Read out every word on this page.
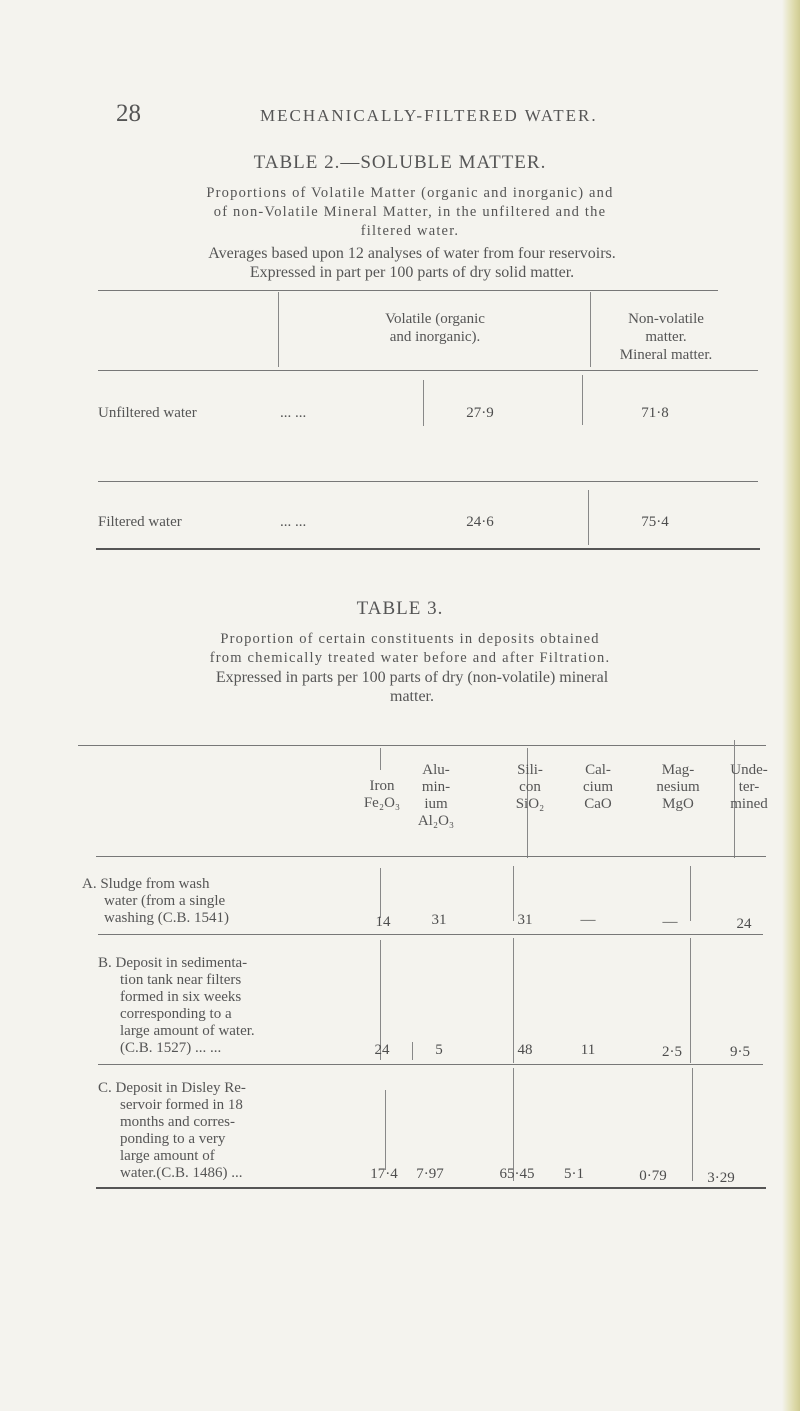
28	MECHANICALLY-FILTERED WATER.
TABLE 2.—SOLUBLE MATTER.
Proportions of Volatile Matter (organic and inorganic) and
of non-Volatile Mineral Matter, in the unfiltered and the
filtered water.
Averages based upon 12 analyses of water from four reservoirs.
Expressed in part per 100 parts of dry solid matter.
Volatile (organic
and inorganic).
Non-volatile
matter.
Mineral matter.
Unfiltered water	... ...	27·9	71·8
Filtered water	... ...	24·6	75·4
TABLE 3.
Proportion of certain constituents in deposits obtained
from chemically treated water before and after Filtration.
Expressed in parts per 100 parts of dry (non-volatile) mineral
matter.
Iron
Fe₂O₃
Alu-
min-
ium
Al₂O₃
Sili-
con
SiO₂
Cal-
cium
CaO
Mag-
nesium
MgO
Unde-
ter-
mined
A. Sludge from wash
water (from a single
washing (C.B. 1541)	14	31	31	—	—	24
B. Deposit in sedimenta-
tion tank near filters
formed in six weeks
corresponding to a
large amount of water.
(C.B. 1527) ... ...	24	5	48	11	2·5	9·5
C. Deposit in Disley Re-
servoir formed in 18
months and corres-
ponding to a very
large amount of
water.(C.B. 1486) ...	17·4	7·97	65·45	5·1	0·79	3·29
